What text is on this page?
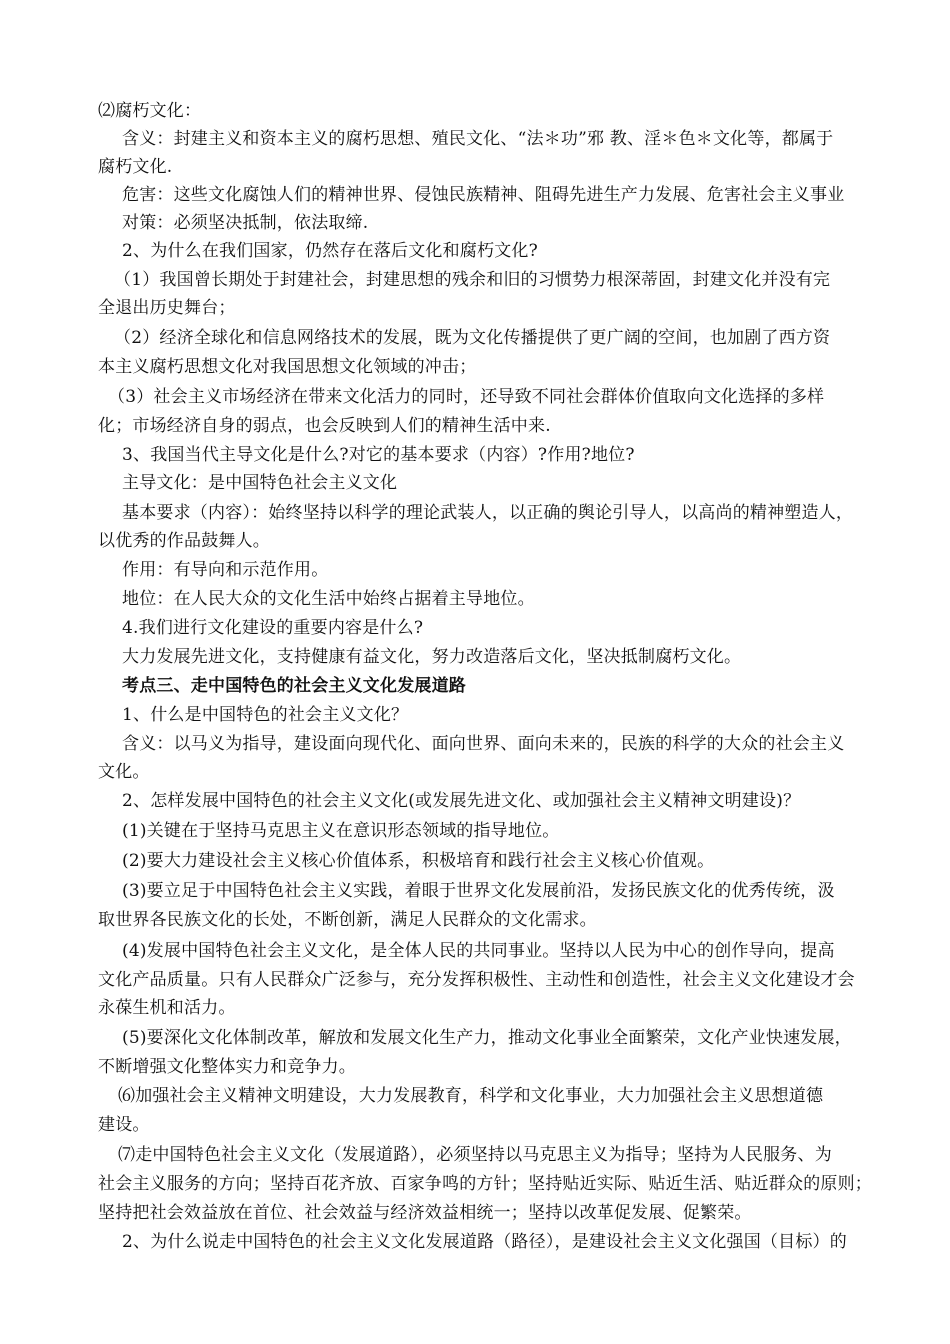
⑵腐朽文化：
含义：封建主义和资本主义的腐朽思想、殖民文化、“法＊功”邪 教、淫＊色＊文化等，都属于
腐朽文化.
危害：这些文化腐蚀人们的精神世界、侵蚀民族精神、阻碍先进生产力发展、危害社会主义事业
对策：必须坚决抵制，依法取缔.
2、为什么在我们国家，仍然存在落后文化和腐朽文化?
（1）我国曾长期处于封建社会，封建思想的残余和旧的习惯势力根深蒂固，封建文化并没有完
全退出历史舞台；
（2）经济全球化和信息网络技术的发展，既为文化传播提供了更广阔的空间，也加剧了西方资
本主义腐朽思想文化对我国思想文化领域的冲击；
（3）社会主义市场经济在带来文化活力的同时，还导致不同社会群体价值取向文化选择的多样
化；市场经济自身的弱点，也会反映到人们的精神生活中来.
3、我国当代主导文化是什么?对它的基本要求（内容）?作用?地位?
主导文化：是中国特色社会主义文化
基本要求（内容）：始终坚持以科学的理论武装人，以正确的舆论引导人，以高尚的精神塑造人，
以优秀的作品鼓舞人。
作用：有导向和示范作用。
地位：在人民大众的文化生活中始终占据着主导地位。
4.我们进行文化建设的重要内容是什么?
大力发展先进文化，支持健康有益文化，努力改造落后文化，坚决抵制腐朽文化。
考点三、走中国特色的社会主义文化发展道路
1、什么是中国特色的社会主义文化？
含义：以马义为指导，建设面向现代化、面向世界、面向未来的，民族的科学的大众的社会主义
文化。
2、怎样发展中国特色的社会主义文化(或发展先进文化、或加强社会主义精神文明建设)？
(1)关键在于坚持马克思主义在意识形态领域的指导地位。
(2)要大力建设社会主义核心价值体系，积极培育和践行社会主义核心价值观。
(3)要立足于中国特色社会主义实践，着眼于世界文化发展前沿，发扬民族文化的优秀传统，汲
取世界各民族文化的长处，不断创新，满足人民群众的文化需求。
(4)发展中国特色社会主义文化，是全体人民的共同事业。坚持以人民为中心的创作导向，提高
文化产品质量。只有人民群众广泛参与，充分发挥积极性、主动性和创造性，社会主义文化建设才会
永葆生机和活力。
(5)要深化文化体制改革，解放和发展文化生产力，推动文化事业全面繁荣，文化产业快速发展，
不断增强文化整体实力和竞争力。
⑹加强社会主义精神文明建设，大力发展教育，科学和文化事业，大力加强社会主义思想道德
建设。
⑺走中国特色社会主义文化（发展道路），必须坚持以马克思主义为指导；坚持为人民服务、为
社会主义服务的方向；坚持百花齐放、百家争鸣的方针；坚持贴近实际、贴近生活、贴近群众的原则；
坚持把社会效益放在首位、社会效益与经济效益相统一；坚持以改革促发展、促繁荣。
2、为什么说走中国特色的社会主义文化发展道路（路径），是建设社会主义文化强国（目标）的
